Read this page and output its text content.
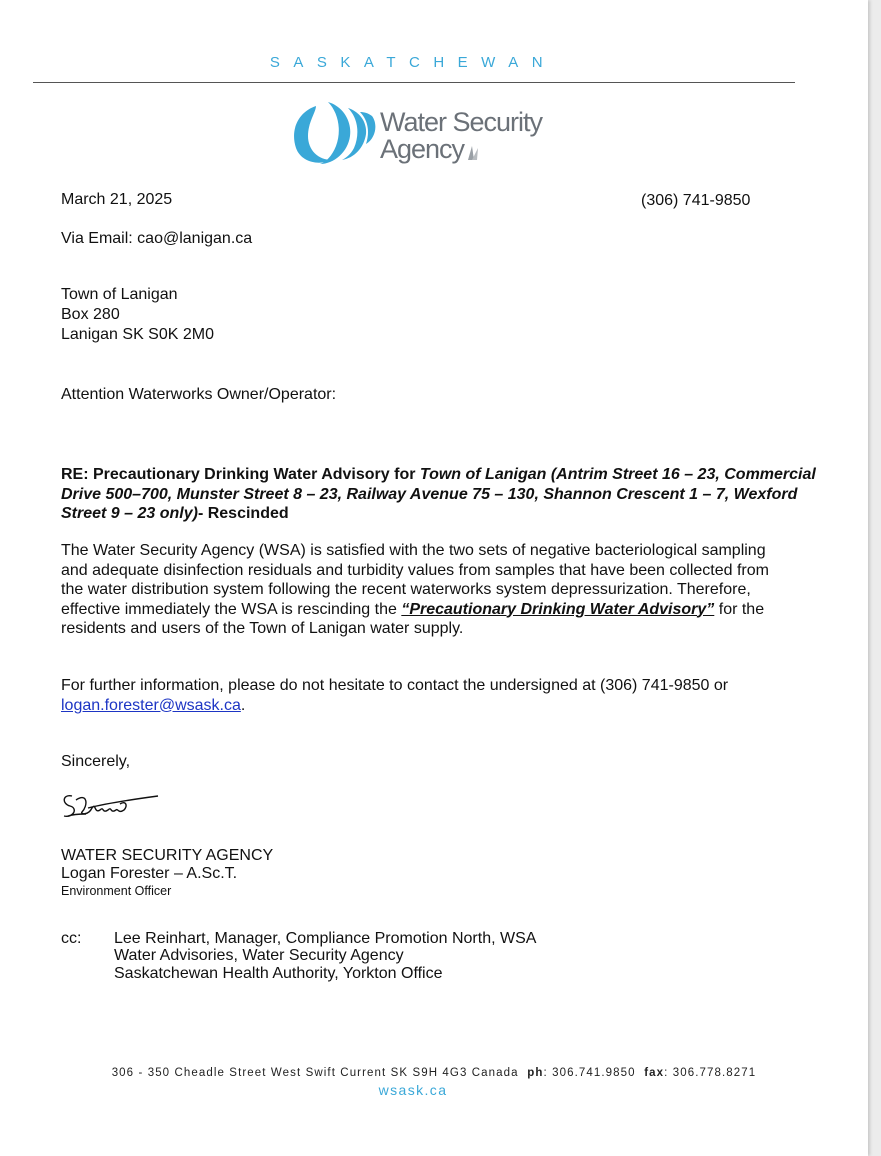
SASKATCHEWAN
Water Security
Agency
March 21, 2025	(306) 741-9850
Via Email: cao@lanigan.ca
Town of Lanigan
Box 280
Lanigan SK S0K 2M0
Attention Waterworks Owner/Operator:
RE: Precautionary Drinking Water Advisory for Town of Lanigan (Antrim Street 16 – 23, Commercial Drive 500–700, Munster Street 8 – 23, Railway Avenue 75 – 130, Shannon Crescent 1 – 7, Wexford Street 9 – 23 only)- Rescinded
The Water Security Agency (WSA) is satisfied with the two sets of negative bacteriological sampling and adequate disinfection residuals and turbidity values from samples that have been collected from the water distribution system following the recent waterworks system depressurization. Therefore, effective immediately the WSA is rescinding the “Precautionary Drinking Water Advisory” for the residents and users of the Town of Lanigan water supply.
For further information, please do not hesitate to contact the undersigned at (306) 741-9850 or logan.forester@wsask.ca.
Sincerely,
WATER SECURITY AGENCY
Logan Forester – A.Sc.T.
Environment Officer
cc: Lee Reinhart, Manager, Compliance Promotion North, WSA
Water Advisories, Water Security Agency
Saskatchewan Health Authority, Yorkton Office
306 - 350 Cheadle Street West Swift Current SK S9H 4G3 Canada ph: 306.741.9850 fax: 306.778.8271
wsask.ca
